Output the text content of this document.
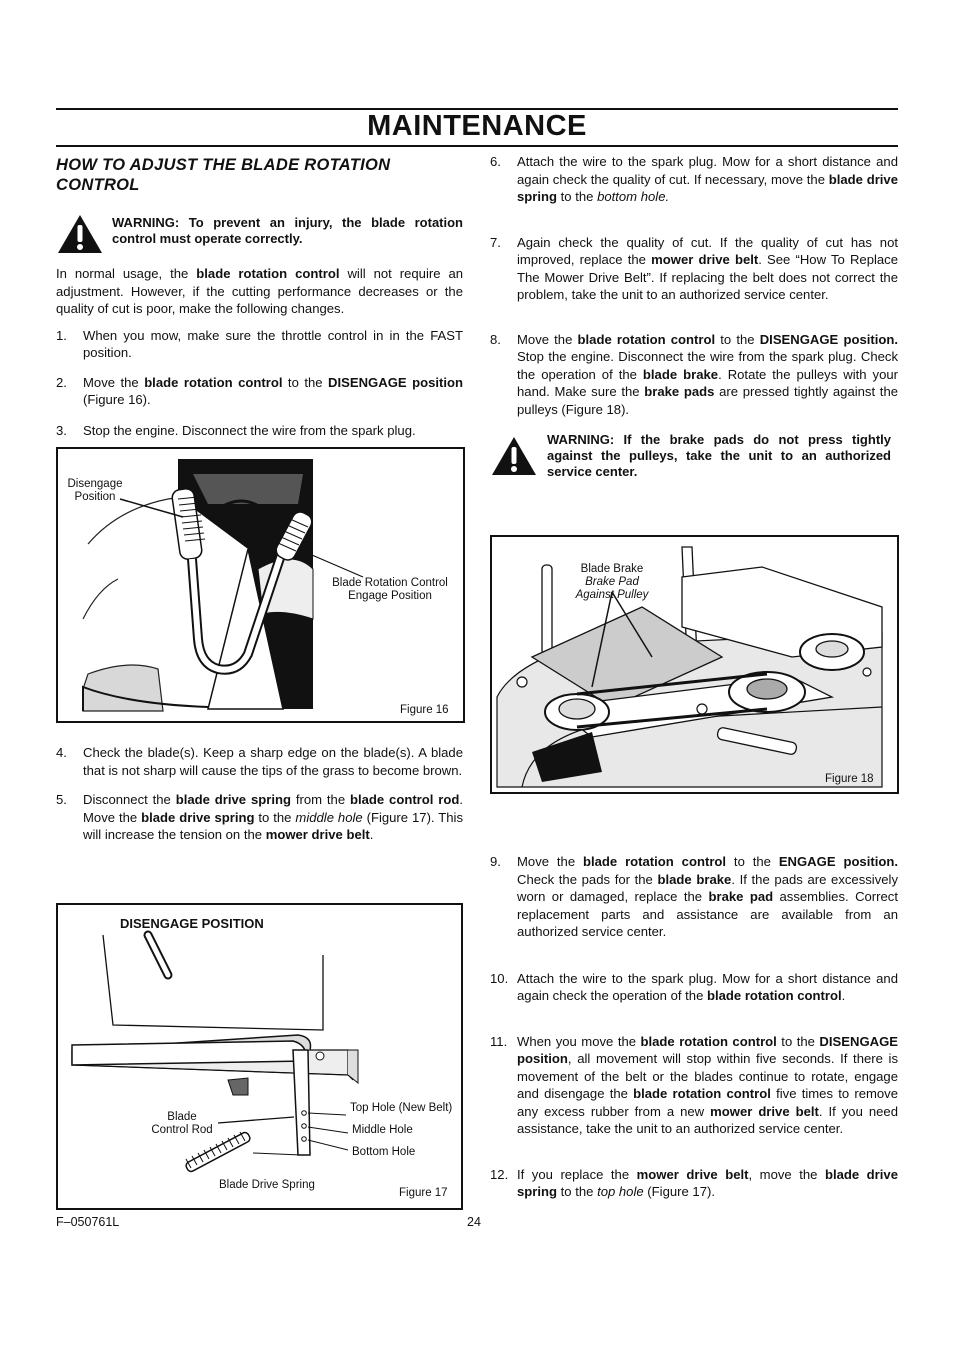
MAINTENANCE
HOW TO ADJUST THE BLADE ROTATION CONTROL
WARNING: To prevent an injury, the blade rotation control must operate correctly.

In normal usage, the blade rotation control will not require an adjustment. However, if the cutting performance decreases or the quality of cut is poor, make the following changes.

1.	When you mow, make sure the throttle control in in the FAST position.
2.	Move the blade rotation control to the DISENGAGE position (Figure 16).
3.	Stop the engine. Disconnect the wire from the spark plug.
Disengage
Position
Blade Rotation Control
Engage Position
Figure 16
4.	Check the blade(s). Keep a sharp edge on the blade(s). A blade that is not sharp will cause the tips of the grass to become brown.
5.	Disconnect the blade drive spring from the blade control rod. Move the blade drive spring to the middle hole (Figure 17). This will increase the tension on the mower drive belt.
DISENGAGE POSITION
Blade
Control Rod
Top Hole (New Belt)
Middle Hole
Bottom Hole
Blade Drive Spring
Figure 17
6.	Attach the wire to the spark plug. Mow for a short distance and again check the quality of cut. If necessary, move the blade drive spring to the bottom hole.
7.	Again check the quality of cut. If the quality of cut has not improved, replace the mower drive belt. See “How To Replace The Mower Drive Belt”. If replacing the belt does not correct the problem, take the unit to an authorized service center.
8.	Move the blade rotation control to the DISENGAGE position. Stop the engine. Disconnect the wire from the spark plug. Check the operation of the blade brake. Rotate the pulleys with your hand. Make sure the brake pads are pressed tightly against the pulleys (Figure 18).
WARNING: If the brake pads do not press tightly against the pulleys, take the unit to an authorized service center.
Blade Brake
Brake Pad
Against Pulley
Figure 18
9.	Move the blade rotation control to the ENGAGE position. Check the pads for the blade brake. If the pads are excessively worn or damaged, replace the brake pad assemblies. Correct replacement parts and assistance are available from an authorized service center.
10. Attach the wire to the spark plug. Mow for a short distance and again check the operation of the blade rotation control.
11. When you move the blade rotation control to the DISENGAGE position, all movement will stop within five seconds. If there is movement of the belt or the blades continue to rotate, engage and disengage the blade rotation control five times to remove any excess rubber from a new mower drive belt. If you need assistance, take the unit to an authorized service center.
12. If you replace the mower drive belt, move the blade drive spring to the top hole (Figure 17).
F–050761L	24
